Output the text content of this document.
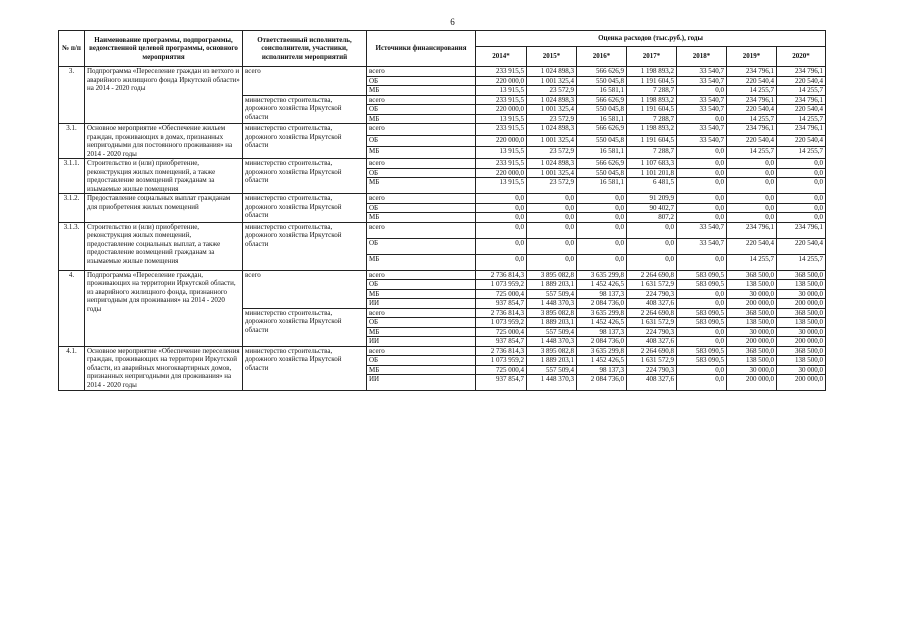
6
№ п/п	Наименование программы, подпрограммы, ведомственной целевой программы, основного мероприятия	Ответственный исполнитель, соисполнители, участники, исполнители мероприятий	Источники финансирования	Оценка расходов (тыс.руб.), годы						
				2014*	2015*	2016*	2017*	2018*	2019*	2020*
3.	Подпрограмма «Переселение граждан из ветхого и аварийного жилищного фонда Иркутской области» на 2014 - 2020 годы	всего	всего	233 915,5	1 024 898,3	566 626,9	1 198 893,2	33 540,7	234 796,1	234 796,1
			ОБ	220 000,0	1 001 325,4	550 045,8	1 191 604,5	33 540,7	220 540,4	220 540,4
			МБ	13 915,5	23 572,9	16 581,1	7 288,7	0,0	14 255,7	14 255,7
		министерство строительства, дорожного хозяйства Иркутской области	всего	233 915,5	1 024 898,3	566 626,9	1 198 893,2	33 540,7	234 796,1	234 796,1
			ОБ	220 000,0	1 001 325,4	550 045,8	1 191 604,5	33 540,7	220 540,4	220 540,4
			МБ	13 915,5	23 572,9	16 581,1	7 288,7	0,0	14 255,7	14 255,7
3.1.	Основное мероприятие «Обеспечение жильем граждан, проживающих в домах, признанных непригодными для постоянного проживания» на 2014 - 2020 годы	министерство строительства, дорожного хозяйства Иркутской области	всего	233 915,5	1 024 898,3	566 626,9	1 198 893,2	33 540,7	234 796,1	234 796,1
			ОБ	220 000,0	1 001 325,4	550 045,8	1 191 604,5	33 540,7	220 540,4	220 540,4
			МБ	13 915,5	23 572,9	16 581,1	7 288,7	0,0	14 255,7	14 255,7
3.1.1.	Строительство и (или) приобретение, реконструкция жилых помещений, а также предоставление возмещений гражданам за изымаемые жилые помещения	министерство строительства, дорожного хозяйства Иркутской области	всего	233 915,5	1 024 898,3	566 626,9	1 107 683,3	0,0	0,0	0,0
			ОБ	220 000,0	1 001 325,4	550 045,8	1 101 201,8	0,0	0,0	0,0
			МБ	13 915,5	23 572,9	16 581,1	6 481,5	0,0	0,0	0,0
3.1.2.	Предоставление социальных выплат гражданам для приобретения жилых помещений	министерство строительства, дорожного хозяйства Иркутской области	всего	0,0	0,0	0,0	91 209,9	0,0	0,0	0,0
			ОБ	0,0	0,0	0,0	90 402,7	0,0	0,0	0,0
			МБ	0,0	0,0	0,0	807,2	0,0	0,0	0,0
3.1.3.	Строительство и (или) приобретение, реконструкция жилых помещений, предоставление социальных выплат, а также предоставление возмещений гражданам за изымаемые жилые помещения	министерство строительства, дорожного хозяйства Иркутской области	всего	0,0	0,0	0,0	0,0	33 540,7	234 796,1	234 796,1
			ОБ	0,0	0,0	0,0	0,0	33 540,7	220 540,4	220 540,4
			МБ	0,0	0,0	0,0	0,0	0,0	14 255,7	14 255,7
4.	Подпрограмма «Переселение граждан, проживающих на территории Иркутской области, из аварийного жилищного фонда, признанного непригодным для проживания» на 2014 - 2020 годы	всего	всего	2 736 814,3	3 895 082,8	3 635 299,8	2 264 690,8	583 090,5	368 500,0	368 500,0
			ОБ	1 073 959,2	1 889 203,1	1 452 426,5	1 631 572,9	583 090,5	138 500,0	138 500,0
			МБ	725 000,4	557 509,4	98 137,3	224 790,3	0,0	30 000,0	30 000,0
			ИИ	937 854,7	1 448 370,3	2 084 736,0	408 327,6	0,0	200 000,0	200 000,0
		министерство строительства, дорожного хозяйства Иркутской области	всего	2 736 814,3	3 895 082,8	3 635 299,8	2 264 690,8	583 090,5	368 500,0	368 500,0
			ОБ	1 073 959,2	1 889 203,1	1 452 426,5	1 631 572,9	583 090,5	138 500,0	138 500,0
			МБ	725 000,4	557 509,4	98 137,3	224 790,3	0,0	30 000,0	30 000,0
			ИИ	937 854,7	1 448 370,3	2 084 736,0	408 327,6	0,0	200 000,0	200 000,0
4.1.	Основное мероприятие «Обеспечение переселения граждан, проживающих на территории Иркутской области, из аварийных многоквартирных домов, признанных непригодными для проживания» на 2014 - 2020 годы	министерство строительства, дорожного хозяйства Иркутской области	всего	2 736 814,3	3 895 082,8	3 635 299,8	2 264 690,8	583 090,5	368 500,0	368 500,0
			ОБ	1 073 959,2	1 889 203,1	1 452 426,5	1 631 572,9	583 090,5	138 500,0	138 500,0
			МБ	725 000,4	557 509,4	98 137,3	224 790,3	0,0	30 000,0	30 000,0
			ИИ	937 854,7	1 448 370,3	2 084 736,0	408 327,6	0,0	200 000,0	200 000,0
